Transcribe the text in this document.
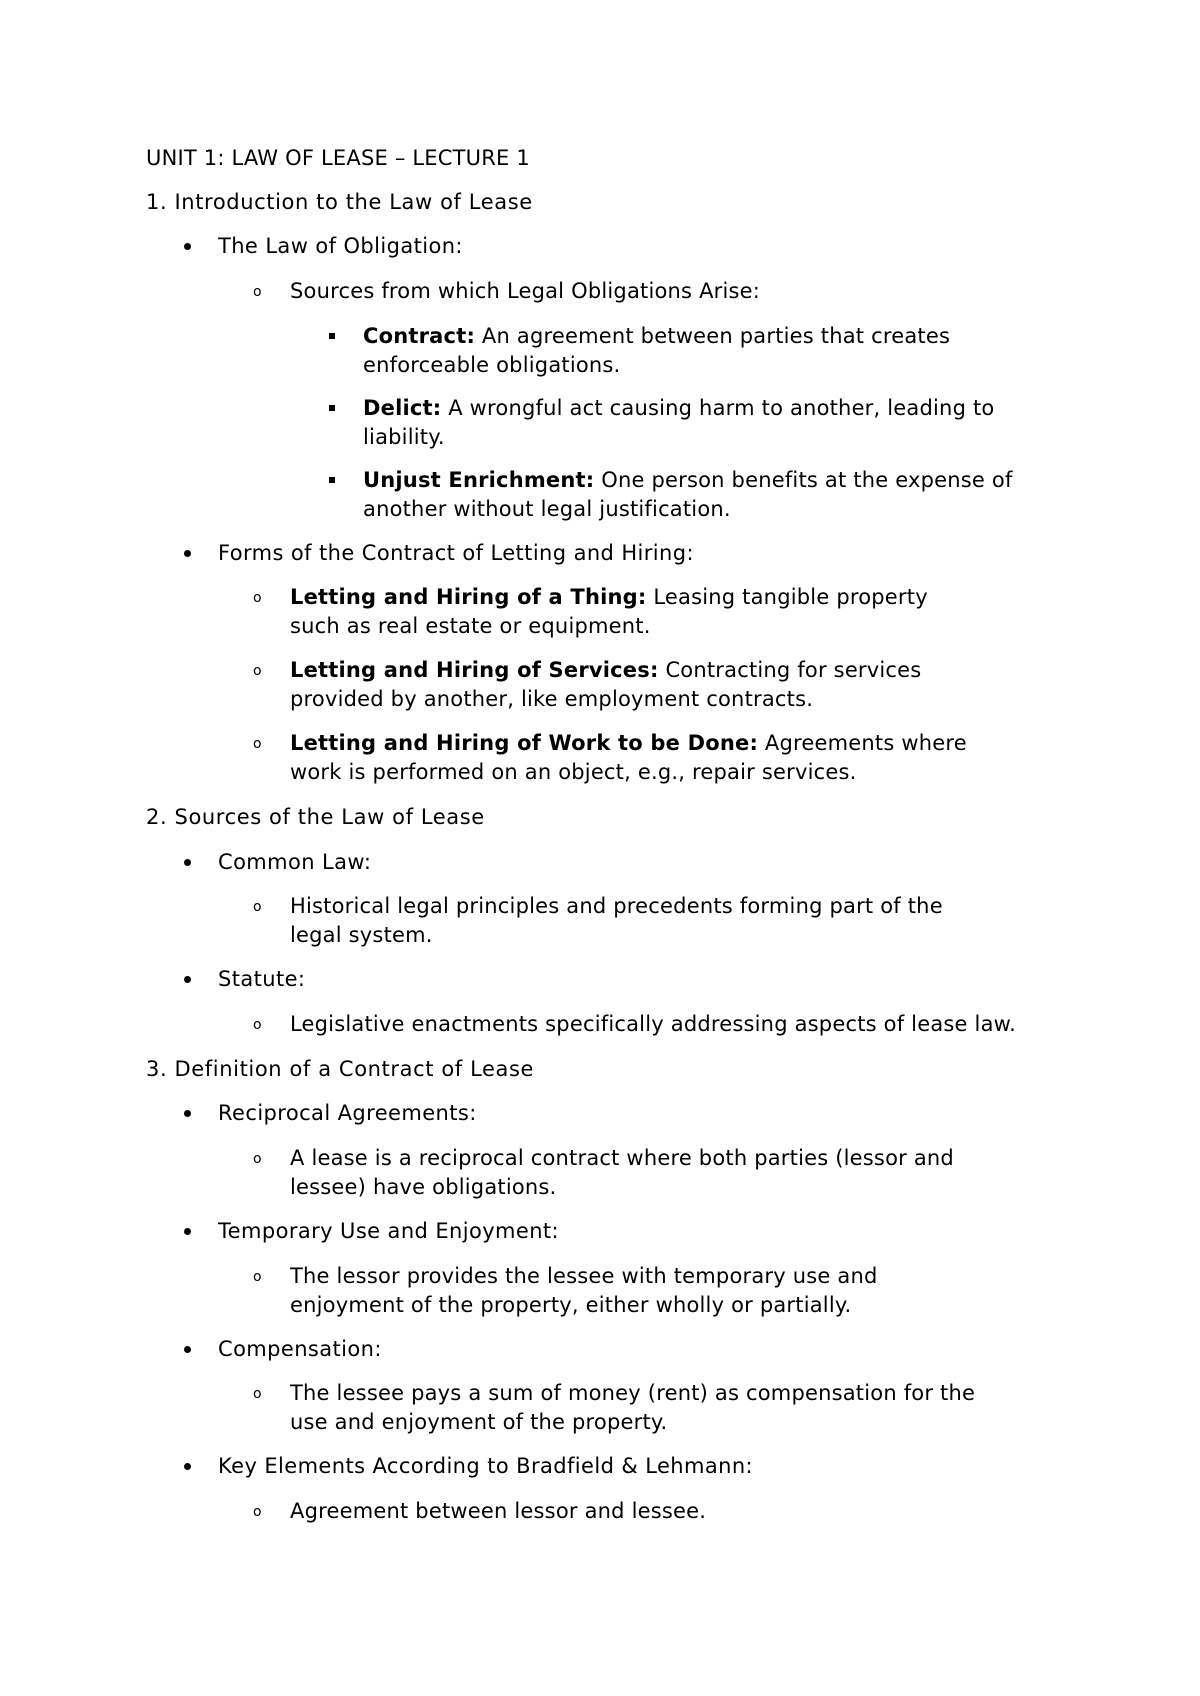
UNIT 1: LAW OF LEASE – LECTURE 1
1. Introduction to the Law of Lease
The Law of Obligation:
o Sources from which Legal Obligations Arise:
Contract: An agreement between parties that creates enforceable obligations.
Delict: A wrongful act causing harm to another, leading to liability.
Unjust Enrichment: One person benefits at the expense of another without legal justification.
Forms of the Contract of Letting and Hiring:
o Letting and Hiring of a Thing: Leasing tangible property such as real estate or equipment.
o Letting and Hiring of Services: Contracting for services provided by another, like employment contracts.
o Letting and Hiring of Work to be Done: Agreements where work is performed on an object, e.g., repair services.
2. Sources of the Law of Lease
Common Law:
o Historical legal principles and precedents forming part of the legal system.
Statute:
o Legislative enactments specifically addressing aspects of lease law.
3. Definition of a Contract of Lease
Reciprocal Agreements:
o A lease is a reciprocal contract where both parties (lessor and lessee) have obligations.
Temporary Use and Enjoyment:
o The lessor provides the lessee with temporary use and enjoyment of the property, either wholly or partially.
Compensation:
o The lessee pays a sum of money (rent) as compensation for the use and enjoyment of the property.
Key Elements According to Bradfield & Lehmann:
o Agreement between lessor and lessee.
